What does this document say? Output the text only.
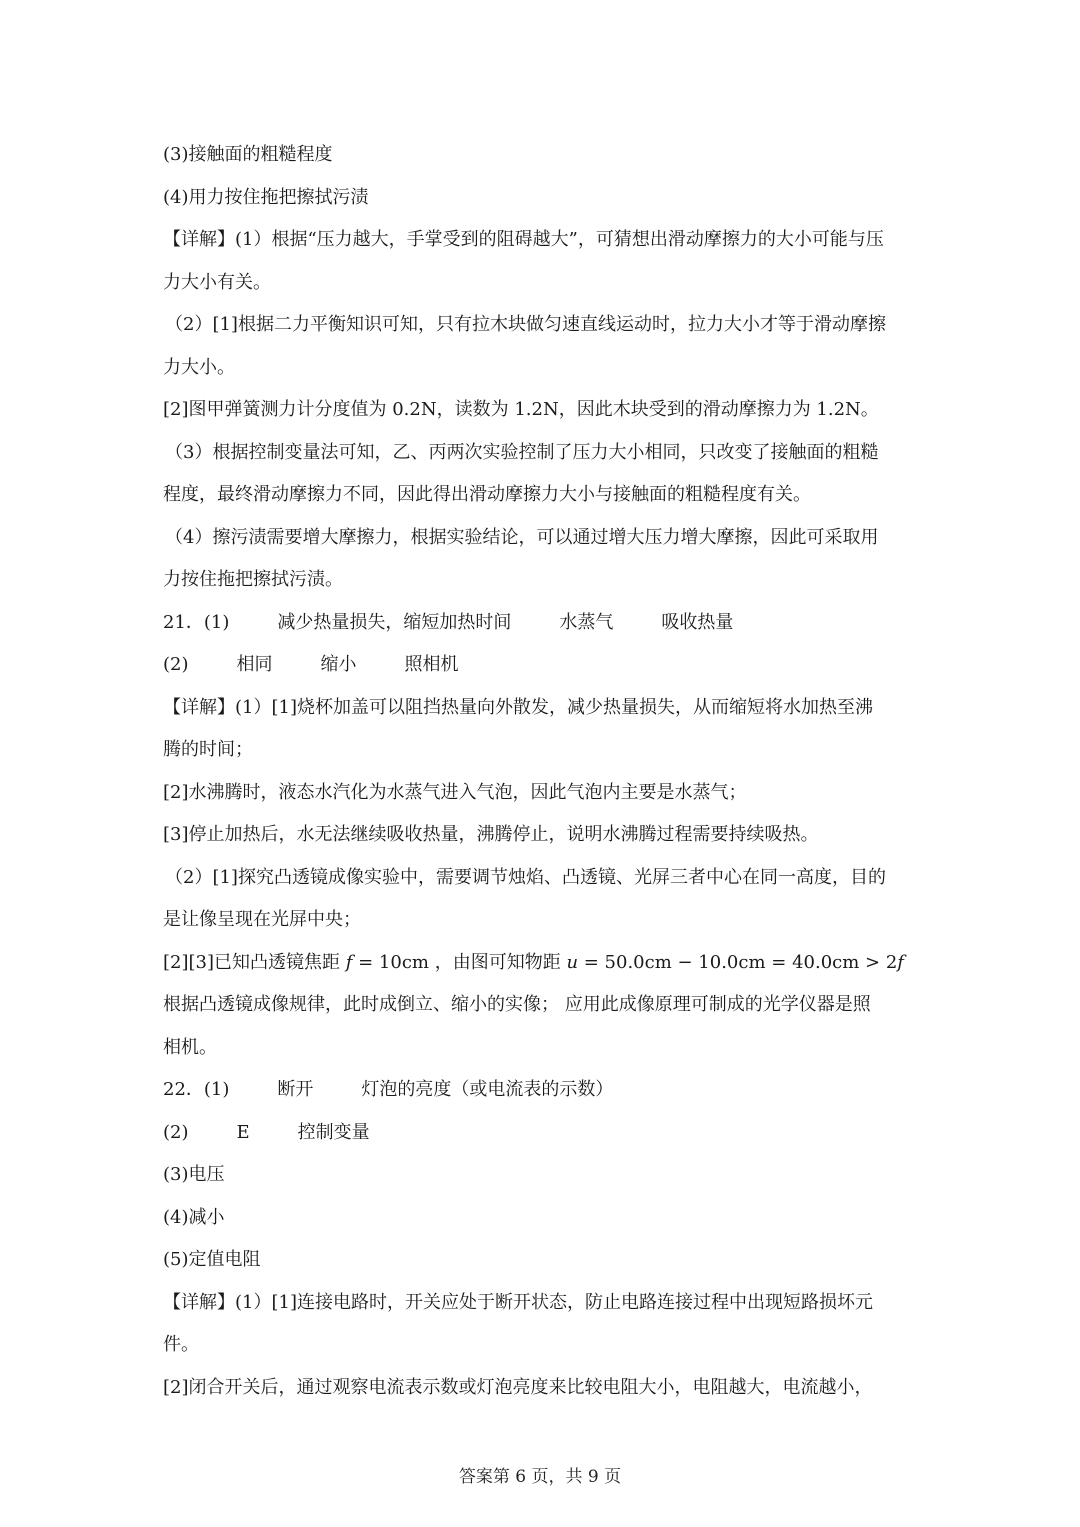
(3)接触面的粗糙程度
(4)用力按住拖把擦拭污渍
【详解】(1）根据“压力越大，手掌受到的阻碍越大”，可猜想出滑动摩擦力的大小可能与压
力大小有关。
（2）[1]根据二力平衡知识可知，只有拉木块做匀速直线运动时，拉力大小才等于滑动摩擦
力大小。
[2]图甲弹簧测力计分度值为 0.2N，读数为 1.2N，因此木块受到的滑动摩擦力为 1.2N。
（3）根据控制变量法可知，乙、丙两次实验控制了压力大小相同，只改变了接触面的粗糙
程度，最终滑动摩擦力不同，因此得出滑动摩擦力大小与接触面的粗糙程度有关。
（4）擦污渍需要增大摩擦力，根据实验结论，可以通过增大压力增大摩擦，因此可采取用
力按住拖把擦拭污渍。
21．(1)	减少热量损失，缩短加热时间	水蒸气	吸收热量
(2)	相同	缩小	照相机
【详解】(1）[1]烧杯加盖可以阻挡热量向外散发，减少热量损失，从而缩短将水加热至沸
腾的时间；
[2]水沸腾时，液态水汽化为水蒸气进入气泡，因此气泡内主要是水蒸气；
[3]停止加热后，水无法继续吸收热量，沸腾停止，说明水沸腾过程需要持续吸热。
（2）[1]探究凸透镜成像实验中，需要调节烛焰、凸透镜、光屏三者中心在同一高度，目的
是让像呈现在光屏中央；
[2][3]已知凸透镜焦距 f = 10cm ，由图可知物距 u = 50.0cm − 10.0cm = 40.0cm > 2f
根据凸透镜成像规律，此时成倒立、缩小的实像； 应用此成像原理可制成的光学仪器是照
相机。
22．(1)	断开	灯泡的亮度（或电流表的示数）
(2)	E	控制变量
(3)电压
(4)减小
(5)定值电阻
【详解】(1）[1]连接电路时，开关应处于断开状态，防止电路连接过程中出现短路损坏元
件。
[2]闭合开关后，通过观察电流表示数或灯泡亮度来比较电阻大小，电阻越大，电流越小，
答案第 6 页，共 9 页
